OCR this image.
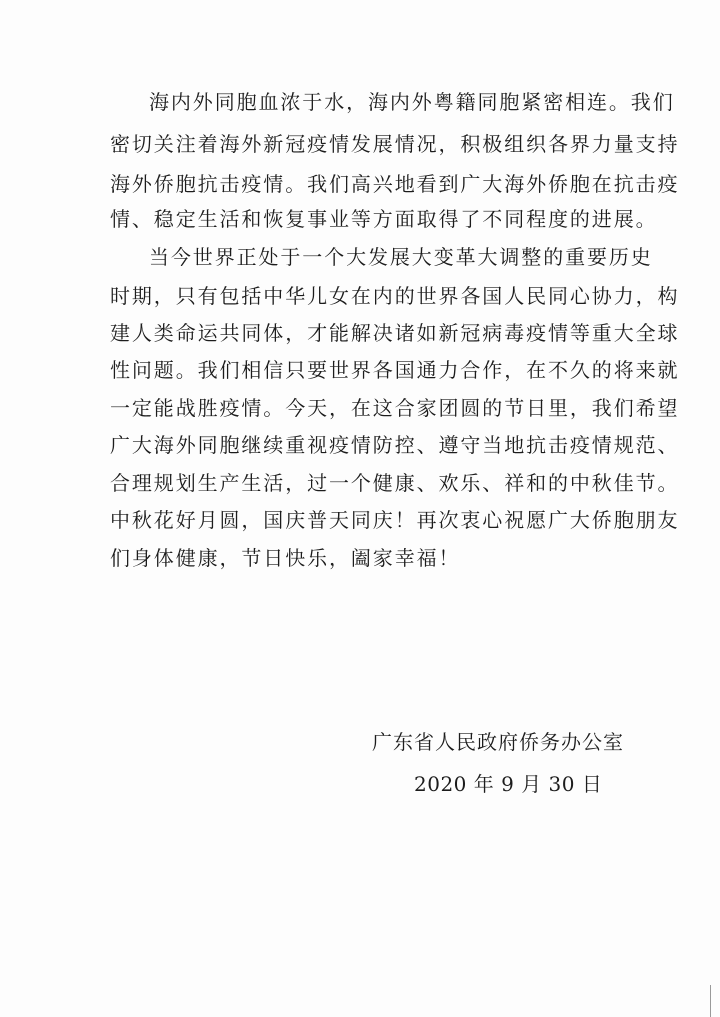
海内外同胞血浓于水，海内外粤籍同胞紧密相连。我们
密切关注着海外新冠疫情发展情况，积极组织各界力量支持
海外侨胞抗击疫情。我们高兴地看到广大海外侨胞在抗击疫
情、稳定生活和恢复事业等方面取得了不同程度的进展。
当今世界正处于一个大发展大变革大调整的重要历史
时期，只有包括中华儿女在内的世界各国人民同心协力，构
建人类命运共同体，才能解决诸如新冠病毒疫情等重大全球
性问题。我们相信只要世界各国通力合作，在不久的将来就
一定能战胜疫情。今天，在这合家团圆的节日里，我们希望
广大海外同胞继续重视疫情防控、遵守当地抗击疫情规范、
合理规划生产生活，过一个健康、欢乐、祥和的中秋佳节。
中秋花好月圆，国庆普天同庆！再次衷心祝愿广大侨胞朋友
们身体健康，节日快乐，阖家幸福！
广东省人民政府侨务办公室
2020 年 9 月 30 日
